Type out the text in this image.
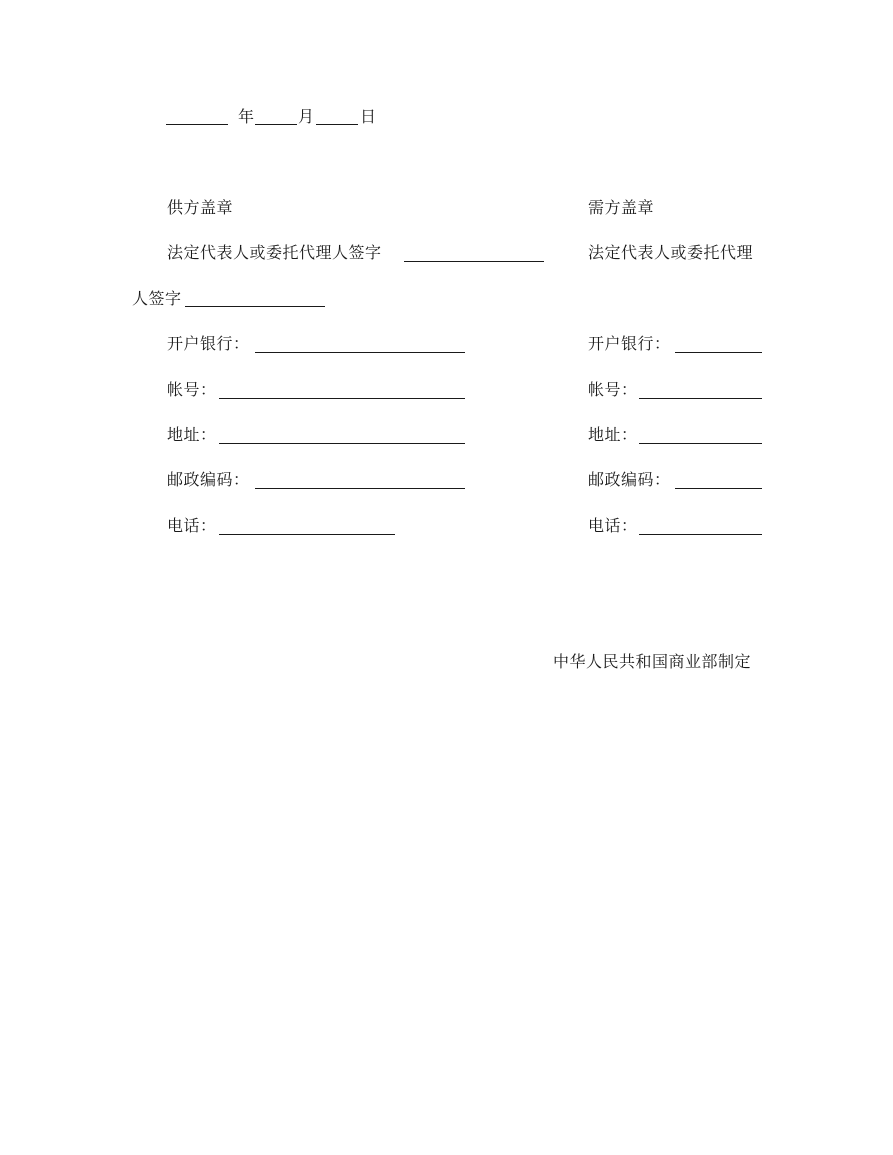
年	月	日
供方盖章	需方盖章
法定代表人或委托代理人签字	法定代表人或委托代理
人签字
开户银行：	开户银行：
帐号：	帐号：
地址：	地址：
邮政编码：	邮政编码：
电话：	电话：
中华人民共和国商业部制定
